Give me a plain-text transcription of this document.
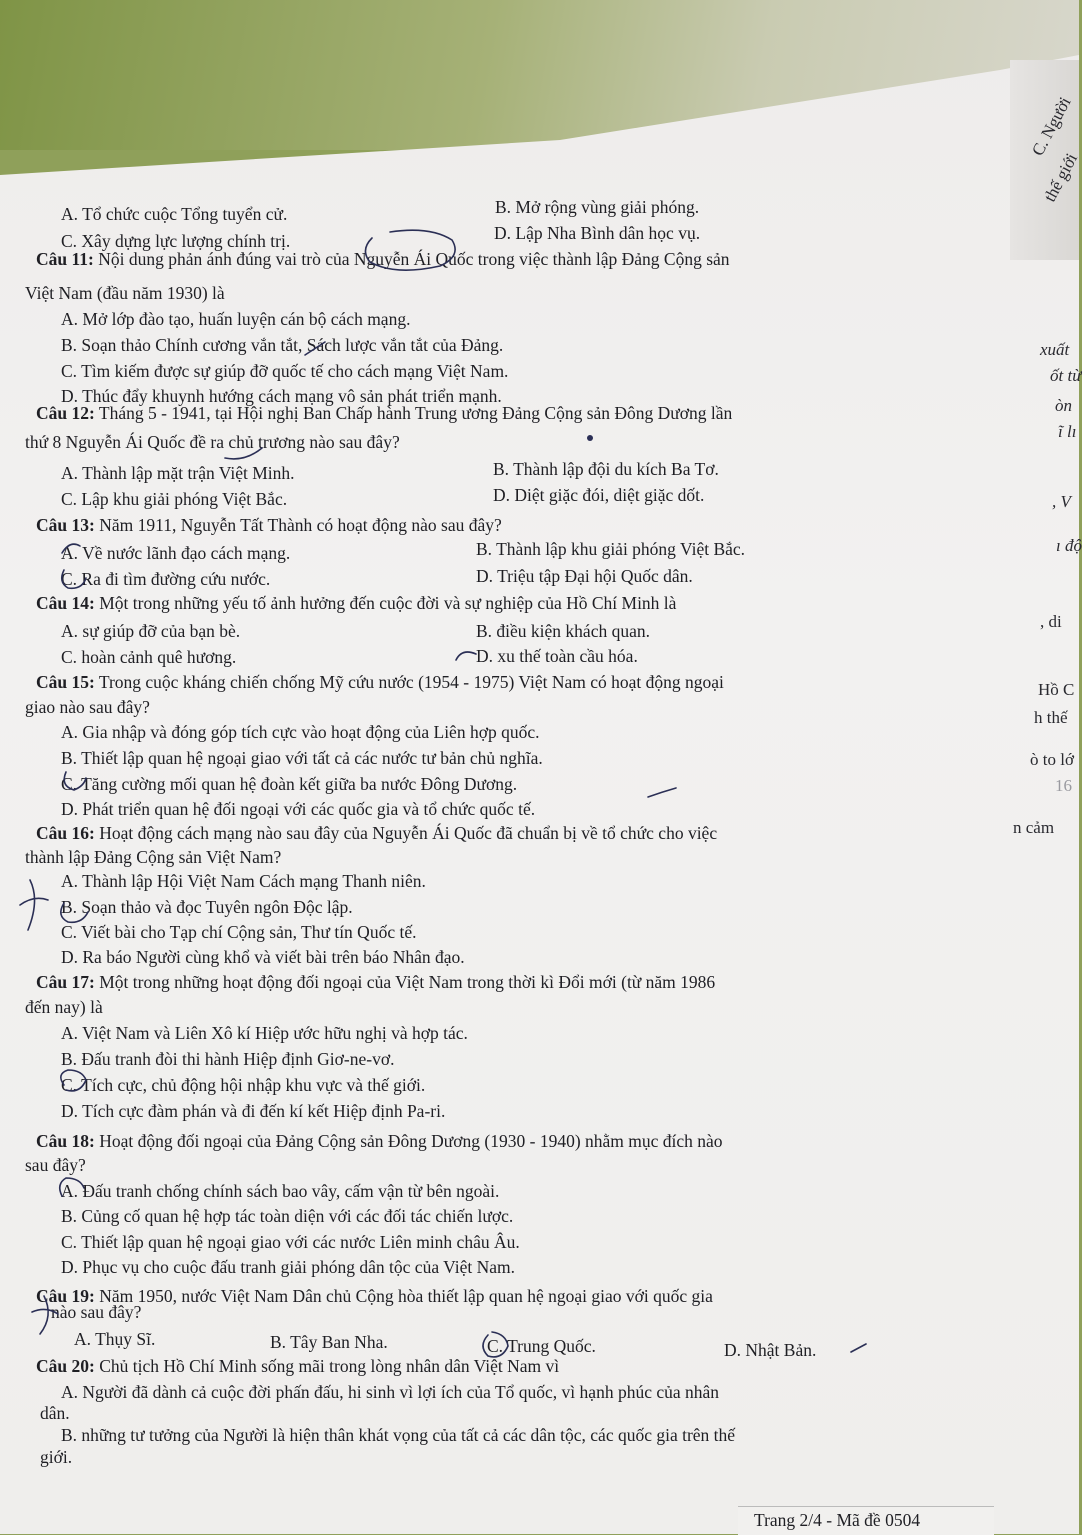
C. Người
thế giới
xuất
ốt từ
òn
ĩ lı
, V
ı độ
, di
Hồ C
h thế
ò to lớ
16
n cảm
A. Tổ chức cuộc Tổng tuyển cử.	B. Mở rộng vùng giải phóng.
C. Xây dựng lực lượng chính trị.	D. Lập Nha Bình dân học vụ.
Câu 11: Nội dung phản ánh đúng vai trò của Nguyễn Ái Quốc trong việc thành lập Đảng Cộng sản
Việt Nam (đầu năm 1930) là
A. Mở lớp đào tạo, huấn luyện cán bộ cách mạng.
B. Soạn thảo Chính cương vắn tắt, Sách lược vắn tắt của Đảng.
C. Tìm kiếm được sự giúp đỡ quốc tế cho cách mạng Việt Nam.
D. Thúc đẩy khuynh hướng cách mạng vô sản phát triển mạnh.
Câu 12: Tháng 5 - 1941, tại Hội nghị Ban Chấp hành Trung ương Đảng Cộng sản Đông Dương lần
thứ 8 Nguyễn Ái Quốc đề ra chủ trương nào sau đây?
A. Thành lập mặt trận Việt Minh.	B. Thành lập đội du kích Ba Tơ.
C. Lập khu giải phóng Việt Bắc.	D. Diệt giặc đói, diệt giặc dốt.
Câu 13: Năm 1911, Nguyễn Tất Thành có hoạt động nào sau đây?
A. Về nước lãnh đạo cách mạng.	B. Thành lập khu giải phóng Việt Bắc.
C. Ra đi tìm đường cứu nước.	D. Triệu tập Đại hội Quốc dân.
Câu 14: Một trong những yếu tố ảnh hưởng đến cuộc đời và sự nghiệp của Hồ Chí Minh là
A. sự giúp đỡ của bạn bè.	B. điều kiện khách quan.
C. hoàn cảnh quê hương.	D. xu thế toàn cầu hóa.
Câu 15: Trong cuộc kháng chiến chống Mỹ cứu nước (1954 - 1975) Việt Nam có hoạt động ngoại
giao nào sau đây?
A. Gia nhập và đóng góp tích cực vào hoạt động của Liên hợp quốc.
B. Thiết lập quan hệ ngoại giao với tất cả các nước tư bản chủ nghĩa.
C. Tăng cường mối quan hệ đoàn kết giữa ba nước Đông Dương.
D. Phát triển quan hệ đối ngoại với các quốc gia và tổ chức quốc tế.
Câu 16: Hoạt động cách mạng nào sau đây của Nguyễn Ái Quốc đã chuẩn bị về tổ chức cho việc
thành lập Đảng Cộng sản Việt Nam?
A. Thành lập Hội Việt Nam Cách mạng Thanh niên.
B. Soạn thảo và đọc Tuyên ngôn Độc lập.
C. Viết bài cho Tạp chí Cộng sản, Thư tín Quốc tế.
D. Ra báo Người cùng khổ và viết bài trên báo Nhân đạo.
Câu 17: Một trong những hoạt động đối ngoại của Việt Nam trong thời kì Đổi mới (từ năm 1986
đến nay) là
A. Việt Nam và Liên Xô kí Hiệp ước hữu nghị và hợp tác.
B. Đấu tranh đòi thi hành Hiệp định Giơ-ne-vơ.
C. Tích cực, chủ động hội nhập khu vực và thế giới.
D. Tích cực đàm phán và đi đến kí kết Hiệp định Pa-ri.
Câu 18: Hoạt động đối ngoại của Đảng Cộng sản Đông Dương (1930 - 1940) nhằm mục đích nào
sau đây?
A. Đấu tranh chống chính sách bao vây, cấm vận từ bên ngoài.
B. Củng cố quan hệ hợp tác toàn diện với các đối tác chiến lược.
C. Thiết lập quan hệ ngoại giao với các nước Liên minh châu Âu.
D. Phục vụ cho cuộc đấu tranh giải phóng dân tộc của Việt Nam.
Câu 19: Năm 1950, nước Việt Nam Dân chủ Cộng hòa thiết lập quan hệ ngoại giao với quốc gia
nào sau đây?
A. Thụy Sĩ.	B. Tây Ban Nha.	C. Trung Quốc.	D. Nhật Bản.
Câu 20: Chủ tịch Hồ Chí Minh sống mãi trong lòng nhân dân Việt Nam vì
A. Người đã dành cả cuộc đời phấn đấu, hi sinh vì lợi ích của Tổ quốc, vì hạnh phúc của nhân
dân.
B. những tư tưởng của Người là hiện thân khát vọng của tất cả các dân tộc, các quốc gia trên thế
giới.
Trang 2/4 - Mã đề 0504
